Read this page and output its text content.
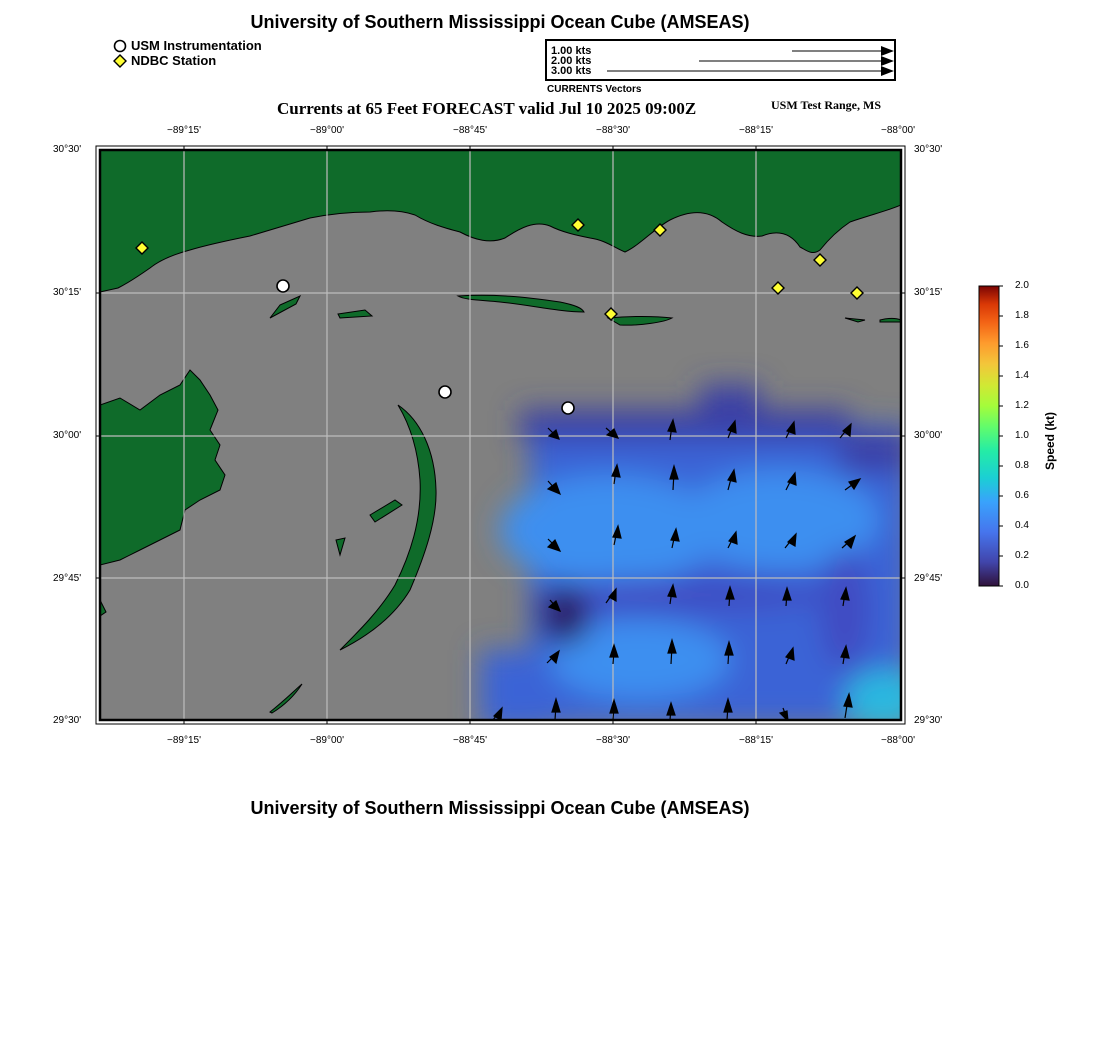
University of Southern Mississippi Ocean Cube (AMSEAS)
USM Instrumentation
NDBC Station
1.00 kts
2.00 kts
3.00 kts
CURRENTS Vectors
Currents at 65 Feet FORECAST valid Jul 10 2025 09:00Z	USM Test Range, MS
−89°15'	−89°00'	−88°45'	−88°30'	−88°15'	−88°00'
−89°15'	−89°00'	−88°45'	−88°30'	−88°15'	−88°00'
30°30'
30°15'
30°00'
29°45'
29°30'
30°30'
30°15'
30°00'
29°45'
29°30'
2.0
1.8
1.6
1.4
1.2
1.0
0.8
0.6
0.4
0.2
0.0
Speed (kt)
University of Southern Mississippi Ocean Cube (AMSEAS)
